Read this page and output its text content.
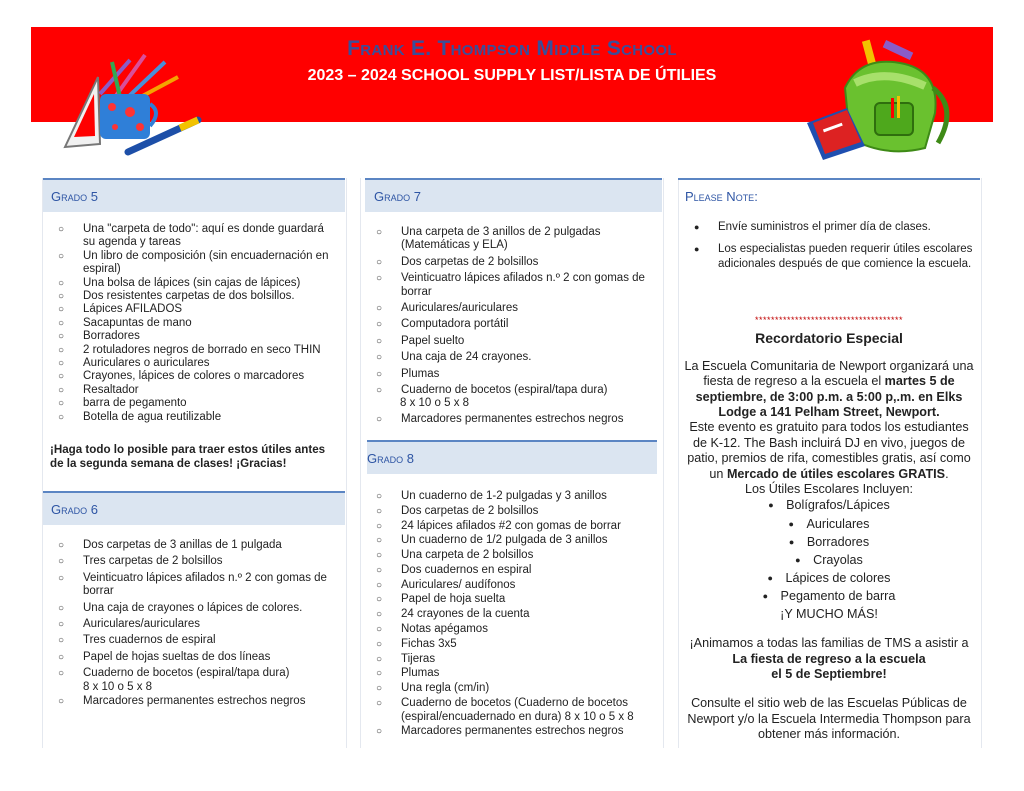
Frank E. Thompson Middle School
2023 – 2024 SCHOOL SUPPLY LIST/LISTA DE ÚTILIES
Grado 5
○ Una "carpeta de todo": aquí es donde guardará su agenda y tareas
○ Un libro de composición (sin encuadernación en espiral)
○ Una bolsa de lápices (sin cajas de lápices)
○ Dos resistentes carpetas de dos bolsillos.
○ Lápices AFILADOS
○ Sacapuntas de mano
○ Borradores
○ 2 rotuladores negros de borrado en seco THIN
○ Auriculares o auriculares
○ Crayones, lápices de colores o marcadores
○ Resaltador
○ barra de pegamento
○ Botella de agua reutilizable
¡Haga todo lo posible para traer estos útiles antes de la segunda semana de clases! ¡Gracias!
Grado 6
○ Dos carpetas de 3 anillas de 1 pulgada
○ Tres carpetas de 2 bolsillos
○ Veinticuatro lápices afilados n.º 2 con gomas de borrar
○ Una caja de crayones o lápices de colores.
○ Auriculares/auriculares
○ Tres cuadernos de espiral
○ Papel de hojas sueltas de dos líneas
○ Cuaderno de bocetos (espiral/tapa dura)
8 x 10 o 5 x 8
○ Marcadores permanentes estrechos negros
Grado 7
○ Una carpeta de 3 anillos de 2 pulgadas (Matemáticas y ELA)
○ Dos carpetas de 2 bolsillos
○ Veinticuatro lápices afilados n.º 2 con gomas de borrar
○ Auriculares/auriculares
○ Computadora portátil
○ Papel suelto
○ Una caja de 24 crayones.
○ Plumas
○ Cuaderno de bocetos (espiral/tapa dura)
8 x 10 o 5 x 8
○ Marcadores permanentes estrechos negros
Grado 8
○ Un cuaderno de 1-2 pulgadas y 3 anillos
○ Dos carpetas de 2 bolsillos
○ 24 lápices afilados #2 con gomas de borrar
○ Un cuaderno de 1/2 pulgada de 3 anillos
○ Una carpeta de 2 bolsillos
○ Dos cuadernos en espiral
○ Auriculares/ audífonos
○ Papel de hoja suelta
○ 24 crayones de la cuenta
○ Notas apégamos
○ Fichas 3x5
○ Tijeras
○ Plumas
○ Una regla (cm/in)
○ Cuaderno de bocetos (Cuaderno de bocetos (espiral/encuadernado en dura) 8 x 10 o 5 x 8
○ Marcadores permanentes estrechos negros
Please Note:
● Envíe suministros el primer día de clases.
● Los especialistas pueden requerir útiles escolares adicionales después de que comience la escuela.
*************************************
Recordatorio Especial
La Escuela Comunitaria de Newport organizará una fiesta de regreso a la escuela el martes 5 de septiembre, de 3:00 p.m. a 5:00 p,.m. en Elks Lodge a 141 Pelham Street, Newport.
Este evento es gratuito para todos los estudiantes de K-12. The Bash incluirá DJ en vivo, juegos de patio, premios de rifa, comestibles gratis, así como un Mercado de útiles escolares GRATIS.
Los Útiles Escolares Incluyen:
● Bolígrafos/Lápices
● Auriculares
● Borradores
● Crayolas
● Lápices de colores
● Pegamento de barra
¡Y MUCHO MÁS!
¡Animamos a todas las familias de TMS a asistir a
La fiesta de regreso a la escuela
el 5 de Septiembre!
Consulte el sitio web de las Escuelas Públicas de Newport y/o la Escuela Intermedia Thompson para obtener más información.
